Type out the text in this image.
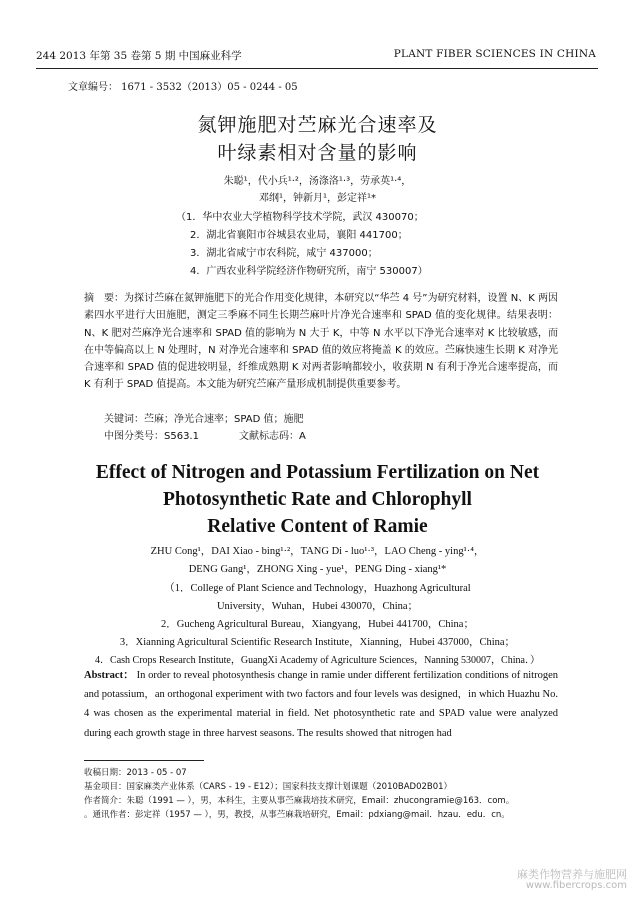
244 2013 年第 35 卷第 5 期 中国麻业科学	PLANT FIBER SCIENCES IN CHINA
文章编号： 1671 - 3532（2013）05 - 0244 - 05
氮钾施肥对苎麻光合速率及
叶绿素相对含量的影响
朱聪¹，代小兵¹·²，汤涤洛¹·³，劳承英¹·⁴，
邓纲¹，钟新月¹，彭定祥¹*
（1．华中农业大学植物科学技术学院，武汉 430070；
2．湖北省襄阳市谷城县农业局，襄阳 441700；
3．湖北省咸宁市农科院，咸宁 437000；
4．广西农业科学院经济作物研究所，南宁 530007）
摘　要：为探讨苎麻在氮钾施肥下的光合作用变化规律，本研究以“华苎 4 号”为研究材料，设置 N、K 两因素四水平进行大田施肥，测定三季麻不同生长期苎麻叶片净光合速率和 SPAD 值的变化规律。结果表明：N、K 肥对苎麻净光合速率和 SPAD 值的影响为 N 大于 K，中等 N 水平以下净光合速率对 K 比较敏感，而在中等偏高以上 N 处理时，N 对净光合速率和 SPAD 值的效应将掩盖 K 的效应。苎麻快速生长期 K 对净光合速率和 SPAD 值的促进较明显，纤维成熟期 K 对两者影响都较小，收获期 N 有利于净光合速率提高，而 K 有利于 SPAD 值提高。本文能为研究苎麻产量形成机制提供重要参考。
关键词：苎麻；净光合速率；SPAD 值；施肥
中图分类号：S563.1　　　　文献标志码：A
Effect of Nitrogen and Potassium Fertilization on Net
Photosynthetic Rate and Chlorophyll
Relative Content of Ramie
ZHU Cong¹，DAI Xiao - bing¹·²，TANG Di - luo¹·³，LAO Cheng - ying¹·⁴，
DENG Gang¹，ZHONG Xing - yue¹，PENG Ding - xiang¹*
（1．College of Plant Science and Technology，Huazhong Agricultural
University，Wuhan，Hubei 430070，China；
2．Gucheng Agricultural Bureau，Xiangyang，Hubei 441700，China；
3．Xianning Agricultural Scientific Research Institute，Xianning，Hubei 437000，China；
4．Cash Crops Research Institute，GuangXi Academy of Agriculture Sciences，Nanning 530007，China．）
Abstract： In order to reveal photosynthesis change in ramie under different fertilization conditions of nitrogen and potassium，an orthogonal experiment with two factors and four levels was designed，in which Huazhu No. 4 was chosen as the experimental material in field. Net photosynthetic rate and SPAD value were analyzed during each growth stage in three harvest seasons. The results showed that nitrogen had
收稿日期：2013 - 05 - 07
基金项目：国家麻类产业体系（CARS - 19 - E12）；国家科技支撑计划课题（2010BAD02B01）
作者简介：朱聪（1991 — ），男，本科生，主要从事苎麻栽培技术研究，Email：zhucongramie@163．com。
。通讯作者：彭定祥（1957 — ），男，教授，从事苎麻栽培研究，Email：pdxiang@mail．hzau．edu．cn。
麻类作物营养与施肥网
www.fibercrops.com
